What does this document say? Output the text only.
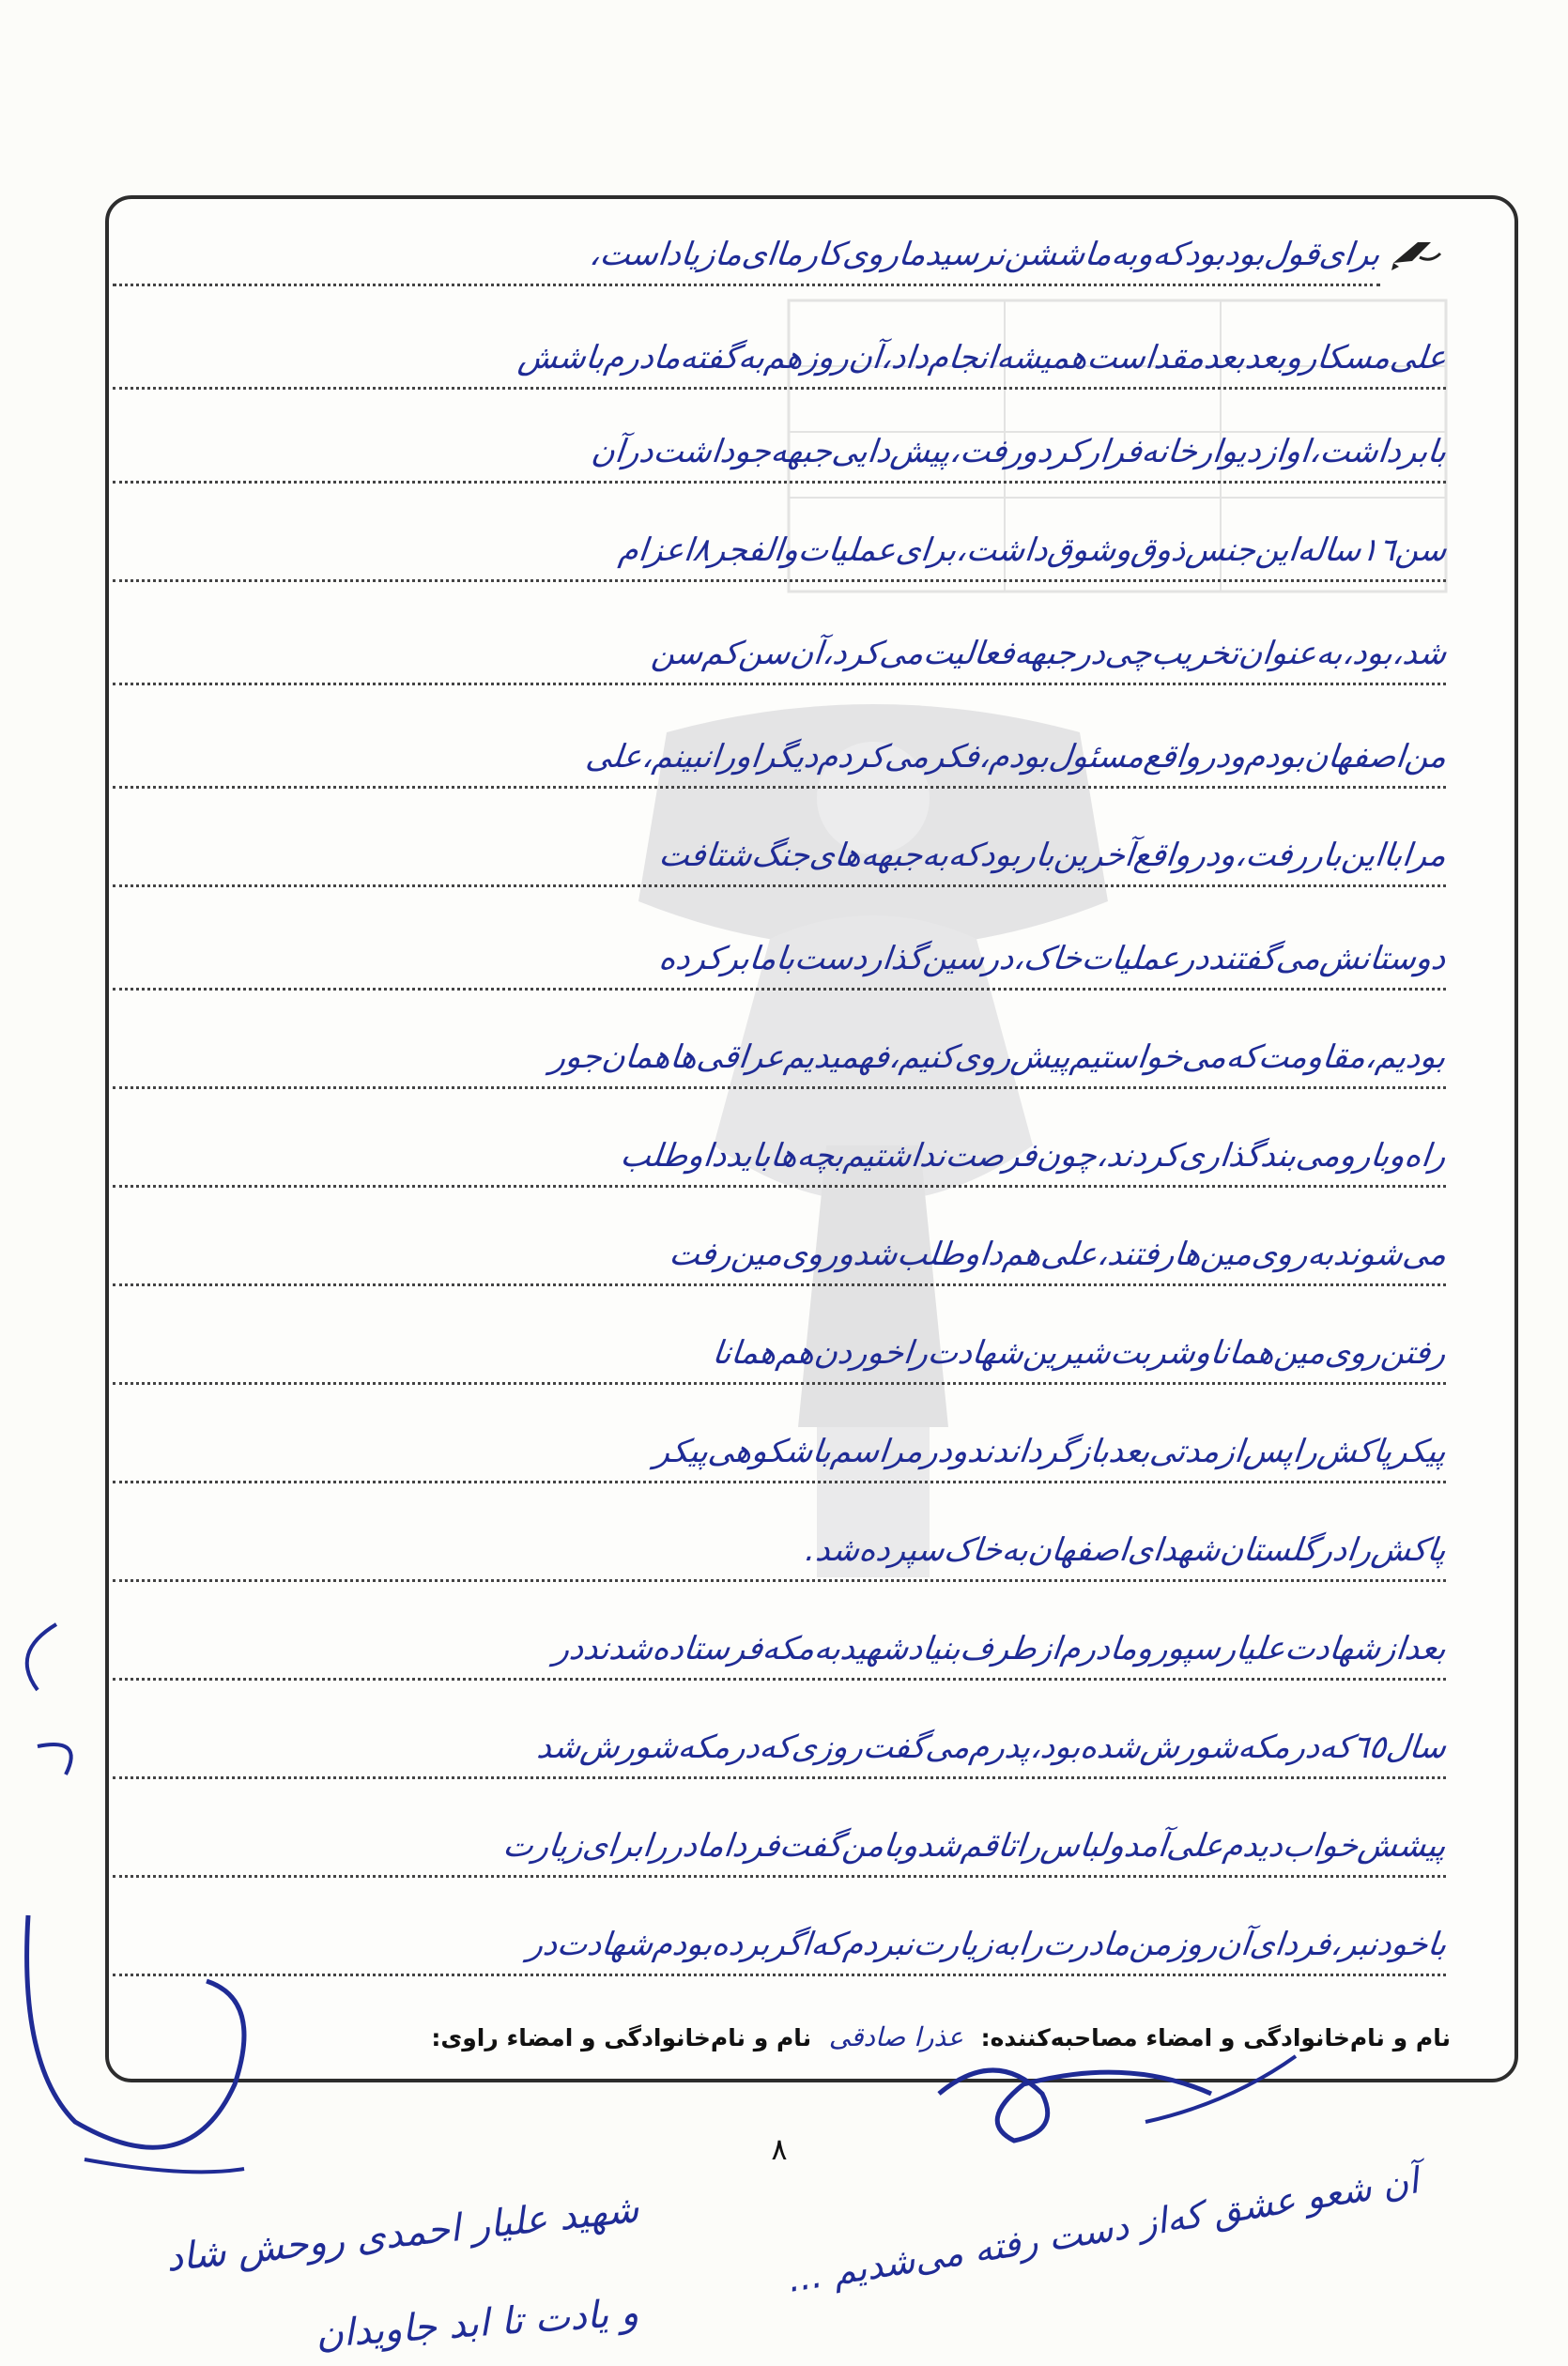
برای‌قول‌بود‌بود‌که‌و‌به‌ما‌ششن‌نرسید‌ما‌روی‌کار‌ما‌ای‌ما‌زیاد‌است‌،
علی‌مسکار‌و‌بعد‌بعد‌مقدا‌ست‌همیشه‌انجام‌داد‌،‌آن‌روز‌هم‌به‌گفته‌مادرم‌با‌شش
با‌بر‌داشت‌،‌او‌از‌دیوار‌خانه‌فرار‌کرد‌و‌رفت‌،‌پیش‌دایی‌جبهه‌جو‌داشت‌در‌آن
سن‌١٦‌ساله‌این‌جنس‌ذوق‌و‌شوق‌داشت‌،‌برای‌عملیات‌والفجر‌٨‌اعزام
شد‌،‌بود‌،‌به‌عنوان‌تخریب‌چی‌در‌جبهه‌فعالیت‌می‌کرد‌،‌آن‌سن‌کم‌سن
من‌اصفهان‌بودم‌و‌در‌واقع‌مسئول‌بودم‌،‌فکر‌می‌کردم‌دیگر‌او‌را‌نبینم‌،‌علی
مرا‌با‌این‌با‌ر‌رفت‌،‌و‌در‌واقع‌آخرین‌بار‌بود‌که‌به‌جبهه‌های‌جنگ‌شتافت
دوستانش‌می‌گفتند‌در‌عملیات‌خاک‌،‌در‌سین‌گذار‌دست‌با‌ما‌بر‌کرده
بودیم‌،‌مقاومت‌که‌می‌خواستیم‌پیش‌روی‌کنیم‌،‌فهمیدیم‌عراقی‌ها‌همان‌جور
راه‌و‌با‌ر‌و‌می‌بند‌گذاری‌کردند‌،‌چون‌فرصت‌نداشتیم‌بچه‌ها‌با‌ید‌داوطلب
می‌شوند‌به‌روی‌مین‌ها‌رفتند‌،‌علی‌هم‌داوطلب‌شد‌و‌روی‌مین‌رفت
رفتن‌روی‌مین‌همانا‌و‌شربت‌شیرین‌شهادت‌را‌خوردن‌هم‌همانا
پیکر‌پاکش‌را‌پس‌از‌مدتی‌بعد‌بازگرداندند‌و‌در‌مراسم‌با‌شکوهی‌پیکر
پاکش‌را‌در‌گلستان‌شهدای‌اصفهان‌به‌خاک‌سپرده‌شد‌.
بعد‌از‌شهادت‌علیار‌سپور‌و‌مادرم‌از‌طرف‌بنیاد‌شهید‌به‌مکه‌فرستاده‌شدند‌در
سال‌٦٥‌که‌در‌مکه‌شورش‌شده‌بود‌،‌پدرم‌می‌گفت‌روزی‌که‌در‌مکه‌شورش‌شد
پیشش‌خواب‌دیدم‌علی‌آمد‌و‌لباس‌را‌تا‌قم‌شد‌و‌با‌من‌گفت‌فردا‌مادر‌را‌برای‌زیارت
با‌خود‌نبر‌،‌فردای‌آن‌روز‌من‌مادرت‌را‌به‌زیارت‌نبردم‌که‌اگر‌برده‌بودم‌شهادت‌در
نام و نام‌خانوادگی و امضاء مصاحبه‌کننده: عذرا صادقی نام و نام‌خانوادگی و امضاء راوی:
۸
آن شعو عشق که‌از دست رفته ‌می‌شدیم ...
شهید علیار احمدی روحش شاد
و یادت تا ابد جاویدان
